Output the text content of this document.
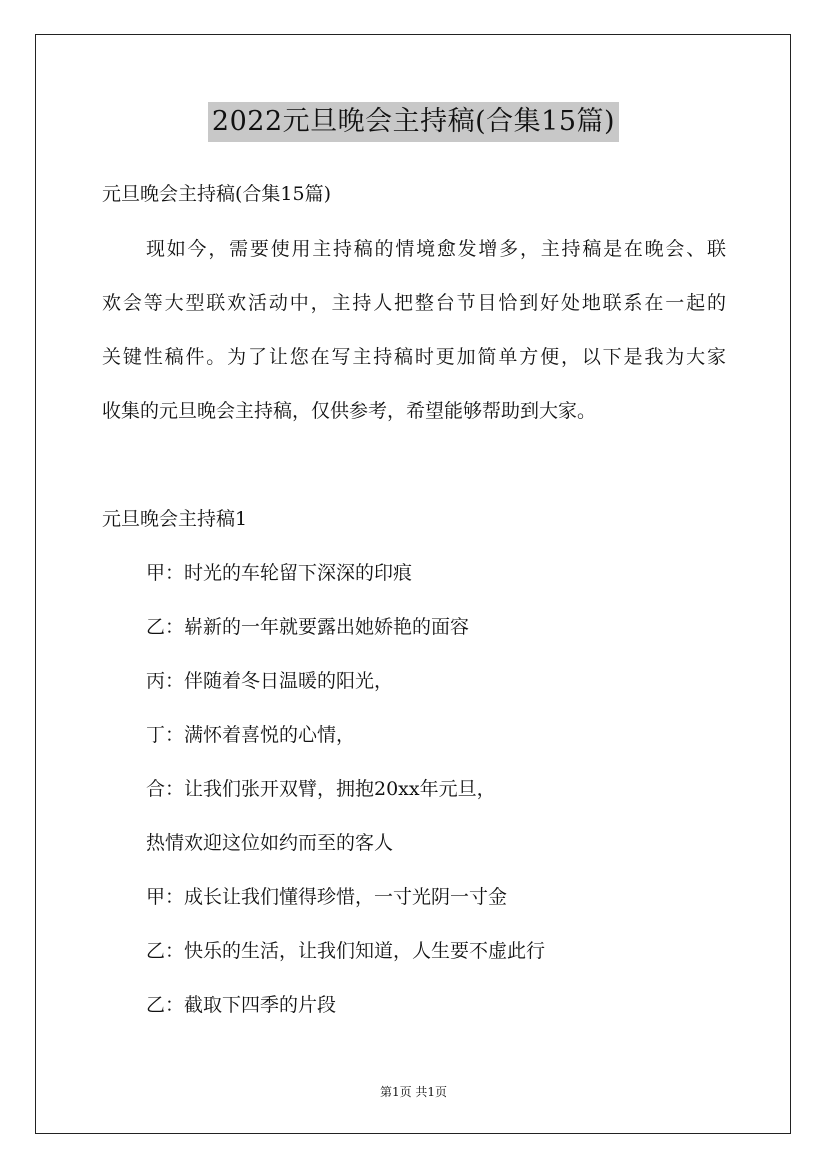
2022元旦晚会主持稿(合集15篇)
元旦晚会主持稿(合集15篇)
现如今，需要使用主持稿的情境愈发增多，主持稿是在晚会、联
欢会等大型联欢活动中，主持人把整台节目恰到好处地联系在一起的
关键性稿件。为了让您在写主持稿时更加简单方便，以下是我为大家
收集的元旦晚会主持稿，仅供参考，希望能够帮助到大家。
元旦晚会主持稿1
甲：时光的车轮留下深深的印痕
乙：崭新的一年就要露出她娇艳的面容
丙：伴随着冬日温暖的阳光，
丁：满怀着喜悦的心情，
合：让我们张开双臂，拥抱20xx年元旦，
热情欢迎这位如约而至的客人
甲：成长让我们懂得珍惜，一寸光阴一寸金
乙：快乐的生活，让我们知道，人生要不虚此行
乙：截取下四季的片段
第1页 共1页
